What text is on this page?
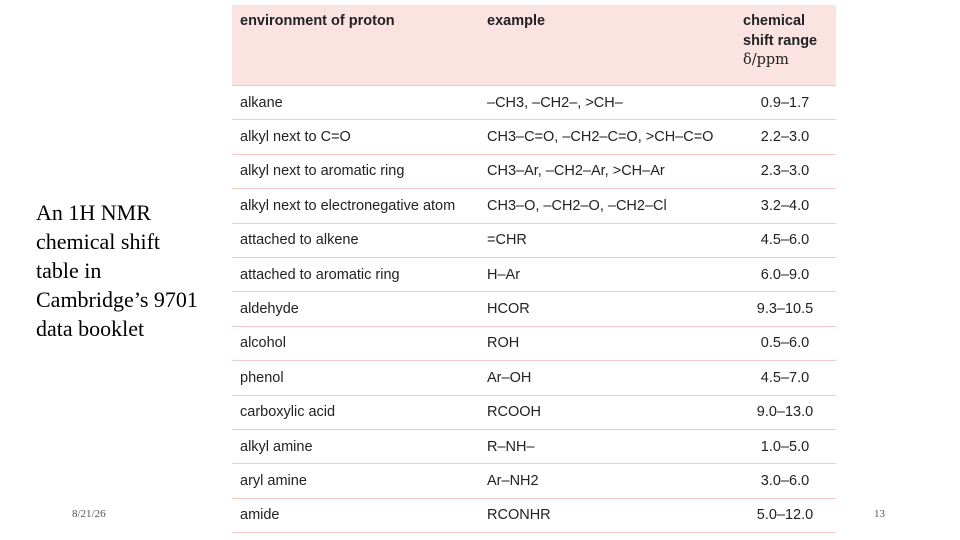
An 1H NMR chemical shift table in Cambridge’s 9701 data booklet
environment of proton	example	chemical
shift range
δ/ppm
alkane	–CH3, –CH2–, >CH–	0.9–1.7
alkyl next to C=O	CH3–C=O, –CH2–C=O, >CH–C=O	2.2–3.0
alkyl next to aromatic ring	CH3–Ar, –CH2–Ar, >CH–Ar	2.3–3.0
alkyl next to electronegative atom	CH3–O, –CH2–O, –CH2–Cl	3.2–4.0
attached to alkene	=CHR	4.5–6.0
attached to aromatic ring	H–Ar	6.0–9.0
aldehyde	HCOR	9.3–10.5
alcohol	ROH	0.5–6.0
phenol	Ar–OH	4.5–7.0
carboxylic acid	RCOOH	9.0–13.0
alkyl amine	R–NH–	1.0–5.0
aryl amine	Ar–NH2	3.0–6.0
amide	RCONHR	5.0–12.0
8/21/26	13
